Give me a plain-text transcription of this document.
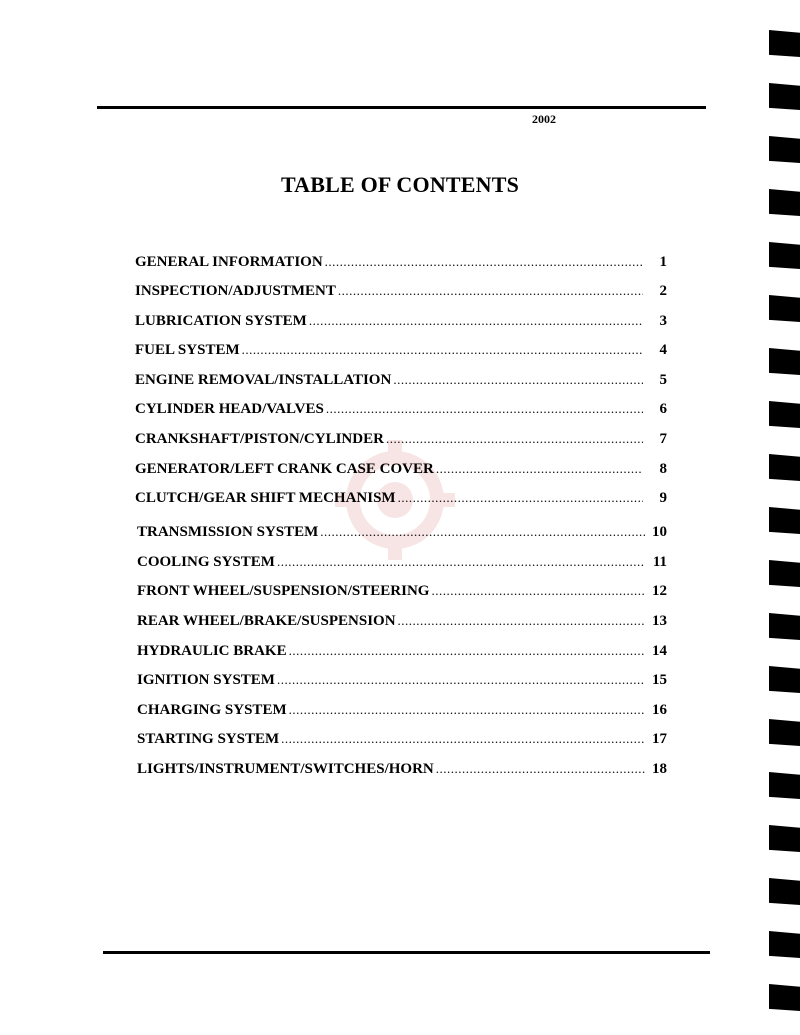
2002
TABLE OF CONTENTS
GENERAL INFORMATION .....	1
INSPECTION/ADJUSTMENT .....	2
LUBRICATION SYSTEM .....	3
FUEL SYSTEM .....	4
ENGINE REMOVAL/INSTALLATION .....	5
CYLINDER HEAD/VALVES .....	6
CRANKSHAFT/PISTON/CYLINDER .....	7
GENERATOR/LEFT CRANK CASE COVER .....	8
CLUTCH/GEAR SHIFT MECHANISM .....	9
TRANSMISSION SYSTEM .....	10
COOLING SYSTEM .....	11
FRONT WHEEL/SUSPENSION/STEERING .....	12
REAR WHEEL/BRAKE/SUSPENSION .....	13
HYDRAULIC BRAKE .....	14
IGNITION SYSTEM .....	15
CHARGING SYSTEM .....	16
STARTING SYSTEM .....	17
LIGHTS/INSTRUMENT/SWITCHES/HORN .....	18
